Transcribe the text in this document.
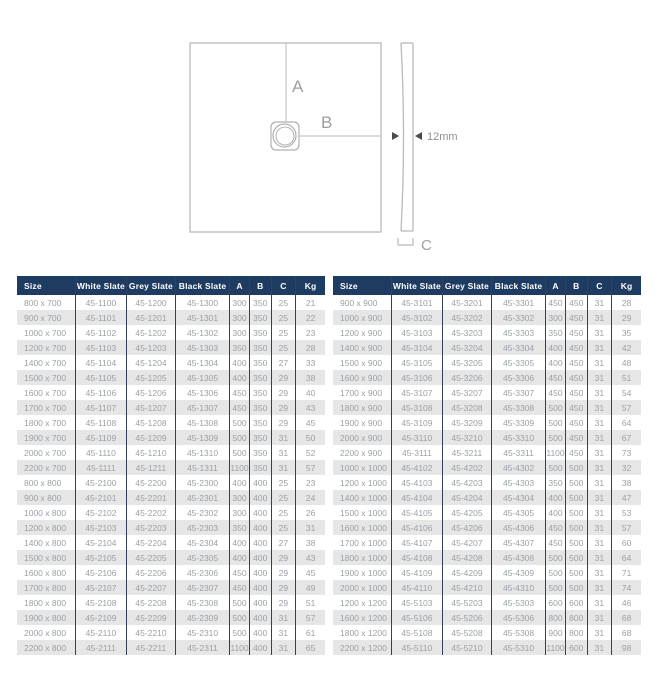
A
B
12mm
C
Size	White Slate	Grey Slate	Black Slate	A	B	C	Kg
800 x 700	45-1100	45-1200	45-1300	300	350	25	21
900 x 700	45-1101	45-1201	45-1301	300	350	25	22
1000 x 700	45-1102	45-1202	45-1302	300	350	25	23
1200 x 700	45-1103	45-1203	45-1303	350	350	25	28
1400 x 700	45-1104	45-1204	45-1304	400	350	27	33
1500 x 700	45-1105	45-1205	45-1305	400	350	29	38
1600 x 700	45-1106	45-1206	45-1306	450	350	29	40
1700 x 700	45-1107	45-1207	45-1307	450	350	29	43
1800 x 700	45-1108	45-1208	45-1308	500	350	29	45
1900 x 700	45-1109	45-1209	45-1309	500	350	31	50
2000 x 700	45-1110	45-1210	45-1310	500	350	31	52
2200 x 700	45-1111	45-1211	45-1311	1100	350	31	57
800 x 800	45-2100	45-2200	45-2300	400	400	25	23
900 x 800	45-2101	45-2201	45-2301	300	400	25	24
1000 x 800	45-2102	45-2202	45-2302	300	400	25	26
1200 x 800	45-2103	45-2203	45-2303	350	400	25	31
1400 x 800	45-2104	45-2204	45-2304	400	400	27	38
1500 x 800	45-2105	45-2205	45-2305	400	400	29	43
1600 x 800	45-2106	45-2206	45-2306	450	400	29	45
1700 x 800	45-2107	45-2207	45-2307	450	400	29	49
1800 x 800	45-2108	45-2208	45-2308	500	400	29	51
1900 x 800	45-2109	45-2209	45-2309	500	400	31	57
2000 x 800	45-2110	45-2210	45-2310	500	400	31	61
2200 x 800	45-2111	45-2211	45-2311	1100	400	31	65
Size	White Slate	Grey Slate	Black Slate	A	B	C	Kg
900 x 900	45-3101	45-3201	45-3301	450	450	31	28
1000 x 900	45-3102	45-3202	45-3302	300	450	31	29
1200 x 900	45-3103	45-3203	45-3303	350	450	31	35
1400 x 900	45-3104	45-3204	45-3304	400	450	31	42
1500 x 900	45-3105	45-3205	45-3305	400	450	31	48
1600 x 900	45-3106	45-3206	45-3306	450	450	31	51
1700 x 900	45-3107	45-3207	45-3307	450	450	31	54
1800 x 900	45-3108	45-3208	45-3308	500	450	31	57
1900 x 900	45-3109	45-3209	45-3309	500	450	31	64
2000 x 900	45-3110	45-3210	45-3310	500	450	31	67
2200 x 900	45-3111	45-3211	45-3311	1100	450	31	73
1000 x 1000	45-4102	45-4202	45-4302	500	500	31	32
1200 x 1000	45-4103	45-4203	45-4303	350	500	31	38
1400 x 1000	45-4104	45-4204	45-4304	400	500	31	47
1500 x 1000	45-4105	45-4205	45-4305	400	500	31	53
1600 x 1000	45-4106	45-4206	45-4306	450	500	31	57
1700 x 1000	45-4107	45-4207	45-4307	450	500	31	60
1800 x 1000	45-4108	45-4208	45-4308	500	500	31	64
1900 x 1000	45-4109	45-4209	45-4309	500	500	31	71
2000 x 1000	45-4110	45-4210	45-4310	500	500	31	74
1200 x 1200	45-5103	45-5203	45-5303	600	600	31	46
1600 x 1200	45-5106	45-5206	45-5306	800	800	31	68
1800 x 1200	45-5108	45-5208	45-5308	900	800	31	68
2200 x 1200	45-5110	45-5210	45-5310	1100	600	31	98
